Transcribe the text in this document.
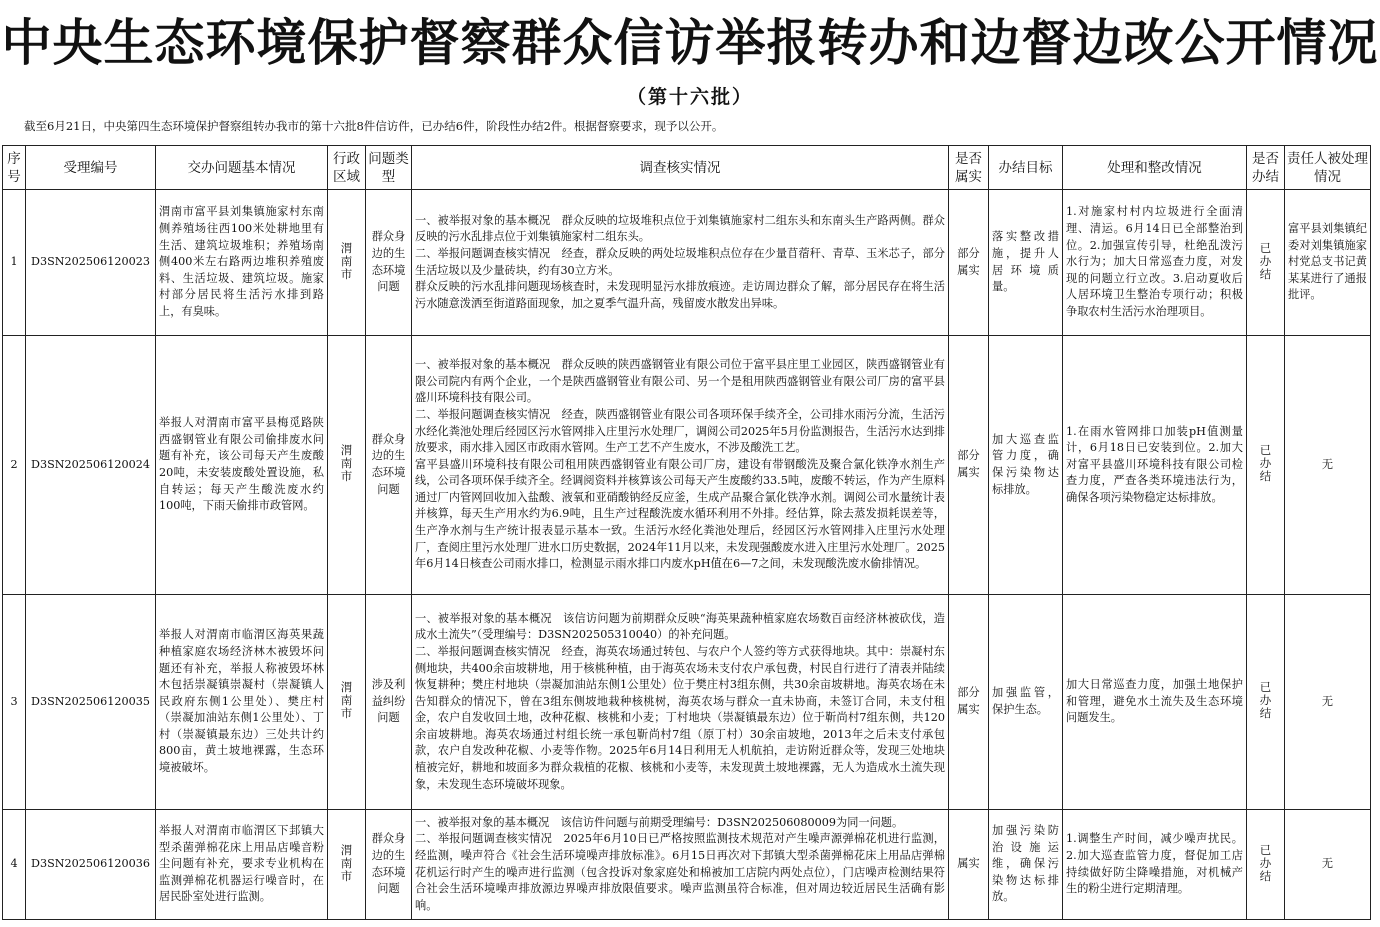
中央生态环境保护督察群众信访举报转办和边督边改公开情况
（第十六批）
截至6月21日，中央第四生态环境保护督察组转办我市的第十六批8件信访件，已办结6件，阶段性办结2件。根据督察要求，现予以公开。
序号	受理编号	交办问题基本情况	行政区域	问题类型	调查核实情况	是否属实	办结目标	处理和整改情况	是否办结	责任人被处理情况
1	D3SN202506120023	渭南市富平县刘集镇施家村东南侧养殖场往西100米处耕地里有生活、建筑垃圾堆积；养殖场南侧400米左右路两边堆积养殖废料、生活垃圾、建筑垃圾。施家村部分居民将生活污水排到路上，有臭味。	渭南市	群众身边的生态环境问题	一、被举报对象的基本概况　群众反映的垃圾堆积点位于刘集镇施家村二组东头和东南头生产路两侧。群众反映的污水乱排点位于刘集镇施家村二组东头。
二、举报问题调查核实情况　经查，群众反映的两处垃圾堆积点位存在少量苜蓿秆、青草、玉米芯子，部分生活垃圾以及少量砖块，约有30立方米。
群众反映的污水乱排问题现场核查时，未发现明显污水排放痕迹。走访周边群众了解，部分居民存在将生活污水随意泼洒至街道路面现象，加之夏季气温升高，残留废水散发出异味。	部分属实	落实整改措施，提升人居环境质量。	1.对施家村村内垃圾进行全面清理、清运。6月14日已全部整治到位。2.加强宣传引导，杜绝乱泼污水行为；加大日常巡查力度，对发现的问题立行立改。3.启动夏收后人居环境卫生整治专项行动；积极争取农村生活污水治理项目。	已办结	富平县刘集镇纪委对刘集镇施家村党总支书记黄某某进行了通报批评。
2	D3SN202506120024	举报人对渭南市富平县梅觅路陕西盛钢管业有限公司偷排废水问题有补充，该公司每天产生废酸20吨，未安装废酸处置设施，私自转运；每天产生酸洗废水约100吨，下雨天偷排市政管网。	渭南市	群众身边的生态环境问题	一、被举报对象的基本概况　群众反映的陕西盛钢管业有限公司位于富平县庄里工业园区，陕西盛钢管业有限公司院内有两个企业，一个是陕西盛钢管业有限公司、另一个是租用陕西盛钢管业有限公司厂房的富平县盛川环境科技有限公司。
二、举报问题调查核实情况　经查，陕西盛钢管业有限公司各项环保手续齐全，公司排水雨污分流，生活污水经化粪池处理后经园区污水管网排入庄里污水处理厂，调阅公司2025年5月份监测报告，生活污水达到排放要求，雨水排入园区市政雨水管网。生产工艺不产生废水，不涉及酸洗工艺。
富平县盛川环境科技有限公司租用陕西盛钢管业有限公司厂房，建设有带钢酸洗及聚合氯化铁净水剂生产线，公司各项环保手续齐全。经调阅资料并核算该公司每天产生废酸约33.5吨，废酸不转运，作为产生原料通过厂内管网回收加入盐酸、液氧和亚硝酸钠经反应釜，生成产品聚合氯化铁净水剂。调阅公司水量统计表并核算，每天生产用水约为6.9吨，且生产过程酸洗废水循环利用不外排。经估算，除去蒸发损耗误差等，生产净水剂与生产统计报表显示基本一致。生活污水经化粪池处理后，经园区污水管网排入庄里污水处理厂，查阅庄里污水处理厂进水口历史数据，2024年11月以来，未发现强酸废水进入庄里污水处理厂。2025年6月14日核查公司雨水排口，检测显示雨水排口内废水pH值在6—7之间，未发现酸洗废水偷排情况。	部分属实	加大巡查监管力度，确保污染物达标排放。	1.在雨水管网排口加装pH值测量计，6月18日已安装到位。2.加大对富平县盛川环境科技有限公司检查力度，严查各类环境违法行为，确保各项污染物稳定达标排放。	已办结	无
3	D3SN202506120035	举报人对渭南市临渭区海英果蔬种植家庭农场经济林木被毁坏问题还有补充，举报人称被毁坏林木包括崇凝镇崇凝村（崇凝镇人民政府东侧1公里处）、樊庄村（崇凝加油站东侧1公里处）、丁村（崇凝镇最东边）三处共计约800亩，黄土坡地裸露，生态环境被破坏。	渭南市	涉及利益纠纷问题	一、被举报对象的基本概况　该信访问题为前期群众反映“海英果蔬种植家庭农场数百亩经济林被砍伐，造成水土流失”（受理编号：D3SN202505310040）的补充问题。
二、举报问题调查核实情况　经查，海英农场通过转包、与农户个人签约等方式获得地块。其中：崇凝村东侧地块，共400余亩坡耕地，用于核桃种植，由于海英农场未支付农户承包费，村民自行进行了清表并陆续恢复耕种；樊庄村地块（崇凝加油站东侧1公里处）位于樊庄村3组东侧，共30余亩坡耕地。海英农场在未告知群众的情况下，曾在3组东侧坡地栽种核桃树，海英农场与群众一直未协商，未签订合同，未支付租金，农户自发收回土地，改种花椒、核桃和小麦；丁村地块（崇凝镇最东边）位于靳尚村7组东侧，共120余亩坡耕地。海英农场通过村组长统一承包靳尚村7组（原丁村）30余亩坡地，2013年之后未支付承包款，农户自发改种花椒、小麦等作物。2025年6月14日利用无人机航拍，走访附近群众等，发现三处地块植被完好，耕地和坡面多为群众栽植的花椒、核桃和小麦等，未发现黄土坡地裸露，无人为造成水土流失现象，未发现生态环境破坏现象。	部分属实	加强监管，保护生态。	加大日常巡查力度，加强土地保护和管理，避免水土流失及生态环境问题发生。	已办结	无
4	D3SN202506120036	举报人对渭南市临渭区下邽镇大型杀菌弹棉花床上用品店噪音粉尘问题有补充，要求专业机构在监测弹棉花机器运行噪音时，在居民卧室处进行监测。	渭南市	群众身边的生态环境问题	一、被举报对象的基本概况　该信访件问题与前期受理编号：D3SN202506080009为同一问题。
二、举报问题调查核实情况　2025年6月10日已严格按照监测技术规范对产生噪声源弹棉花机进行监测，经监测，噪声符合《社会生活环境噪声排放标准》。6月15日再次对下邽镇大型杀菌弹棉花床上用品店弹棉花机运行时产生的噪声进行监测（包含投诉对象家庭处和棉被加工店院内两处点位），门店噪声检测结果符合社会生活环境噪声排放源边界噪声排放限值要求。噪声监测虽符合标准，但对周边较近居民生活确有影响。	属实	加强污染防治设施运维，确保污染物达标排放。	1.调整生产时间，减少噪声扰民。2.加大巡查监管力度，督促加工店持续做好防尘降噪措施，对机械产生的粉尘进行定期清理。	已办结	无
